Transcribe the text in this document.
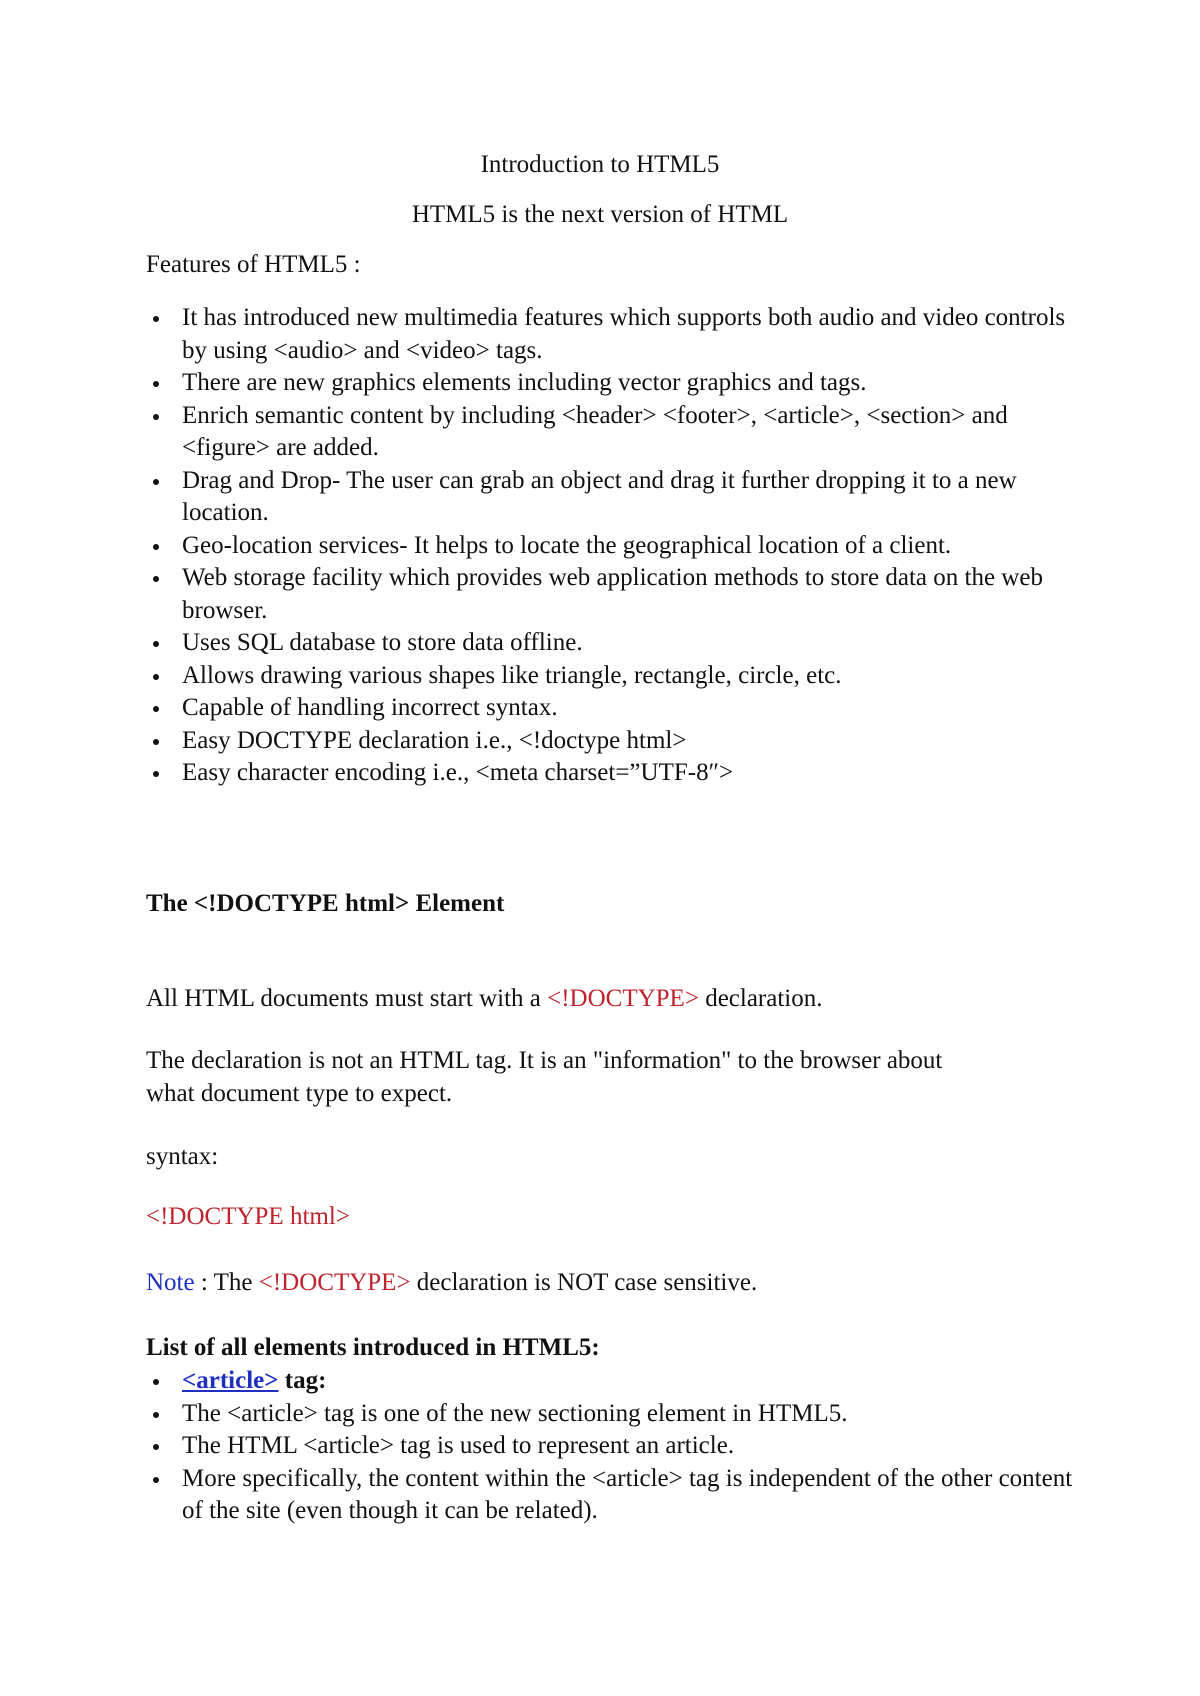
Introduction to HTML5
HTML5 is the next version of HTML
Features of HTML5 :
It has introduced new multimedia features which supports both audio and video controls by using <audio> and <video> tags.
There are new graphics elements including vector graphics and tags.
Enrich semantic content by including <header> <footer>, <article>, <section> and <figure> are added.
Drag and Drop- The user can grab an object and drag it further dropping it to a new location.
Geo-location services- It helps to locate the geographical location of a client.
Web storage facility which provides web application methods to store data on the web browser.
Uses SQL database to store data offline.
Allows drawing various shapes like triangle, rectangle, circle, etc.
Capable of handling incorrect syntax.
Easy DOCTYPE declaration i.e., <!doctype html>
Easy character encoding i.e., <meta charset=”UTF-8″>
The <!DOCTYPE html> Element
All HTML documents must start with a <!DOCTYPE> declaration.
The declaration is not an HTML tag. It is an "information" to the browser about
what document type to expect.
syntax:
<!DOCTYPE html>
Note : The <!DOCTYPE> declaration is NOT case sensitive.
List of all elements introduced in HTML5:
<article> tag:
The <article> tag is one of the new sectioning element in HTML5.
The HTML <article> tag is used to represent an article.
More specifically, the content within the <article> tag is independent of the other content of the site (even though it can be related).
